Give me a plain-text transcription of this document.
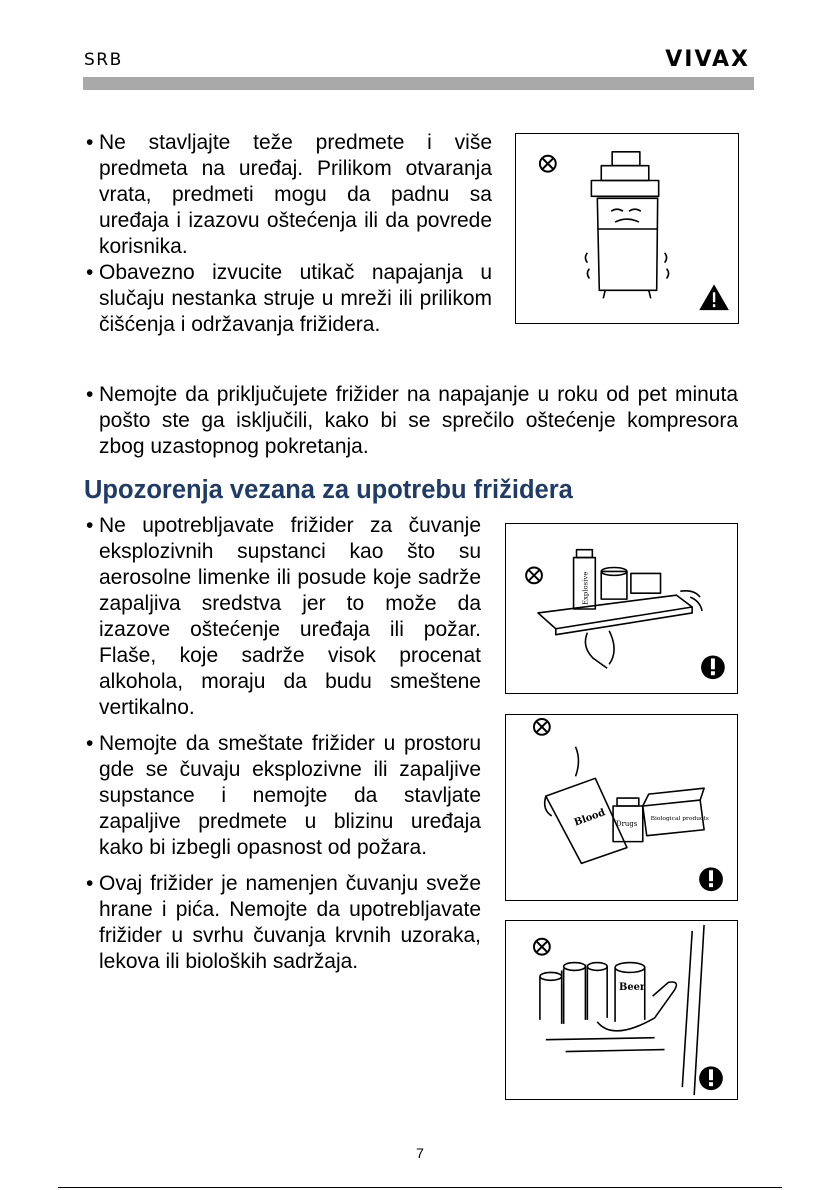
SRB	VIVAX
• Ne stavljajte teže predmete i više predmeta na uređaj. Prilikom otvaranja vrata, predmeti mogu da padnu sa uređaja i izazovu oštećenja ili da povrede korisnika.
• Obavezno izvucite utikač napajanja u slučaju nestanka struje u mreži ili prilikom čišćenja i održavanja frižidera.
• Nemojte da priključujete frižider na napajanje u roku od pet minuta pošto ste ga isključili, kako bi se sprečilo oštećenje kompresora zbog uzastopnog pokretanja.
Upozorenja vezana za upotrebu frižidera
• Ne upotrebljavate frižider za čuvanje eksplozivnih supstanci kao što su aerosolne limenke ili posude koje sadrže zapaljiva sredstva jer to može da izazove oštećenje uređaja ili požar. Flaše, koje sadrže visok procenat alkohola, moraju da budu smeštene vertikalno.
• Nemojte da smeštate frižider u prostoru gde se čuvaju eksplozivne ili zapaljive supstance i nemojte da stavljate zapaljive predmete u blizinu uređaja kako bi izbegli opasnost od požara.
• Ovaj frižider je namenjen čuvanju sveže hrane i pića. Nemojte da upotrebljavate frižider u svrhu čuvanja krvnih uzoraka, lekova ili bioloških sadržaja.
Explosive
Blood Drugs
Biological products
Beer
7
